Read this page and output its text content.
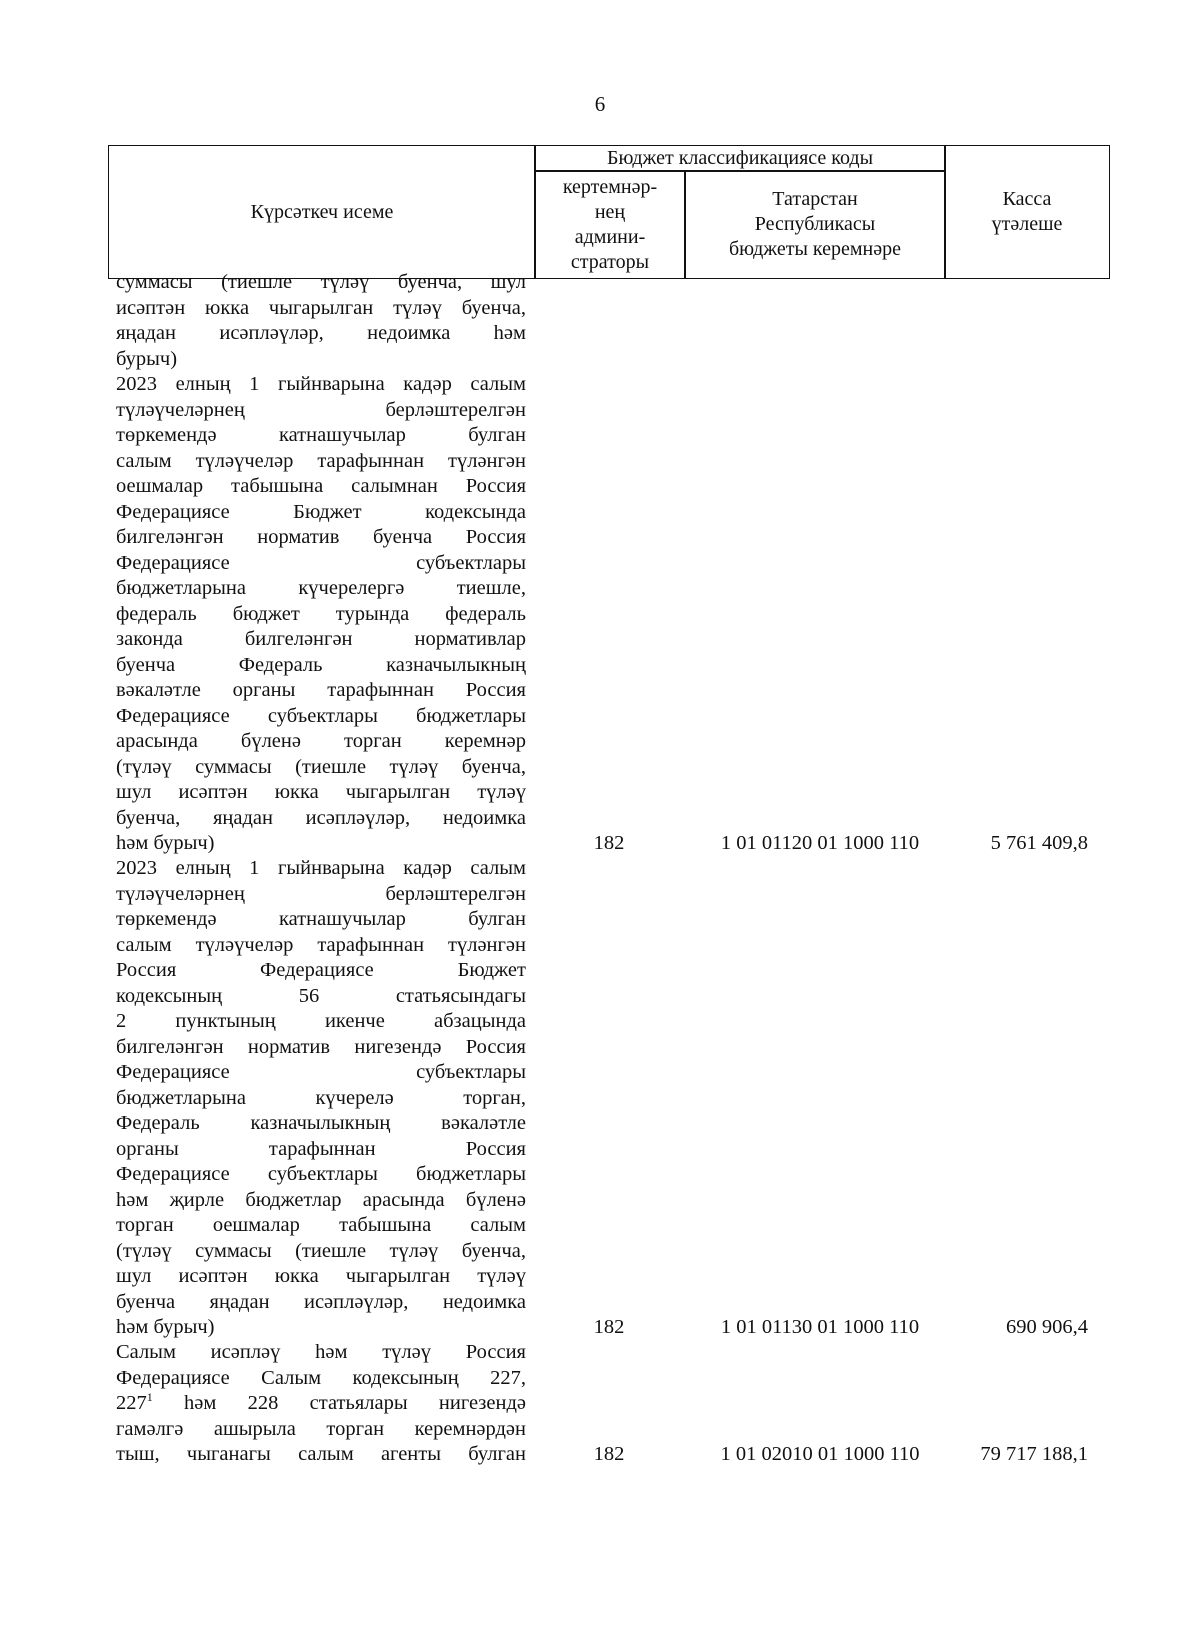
6
Күрсәткеч исеме
Бюджет классификациясе коды
кертемнәр-
нең
админи-
страторы
Татарстан
Республикасы
бюджеты керемнәре
Касса
үтәлеше
суммасы (тиешле түләү буенча, шул
исәптән юкка чыгарылган түләү буенча,
яңадан исәпләүләр, недоимка һәм
бурыч)
2023 елның 1 гыйнварына кадәр салым
түләүчеләрнең берләштерелгән
төркемендә катнашучылар булган
салым түләүчеләр тарафыннан түләнгән
оешмалар табышына салымнан Россия
Федерациясе Бюджет кодексында
билгеләнгән норматив буенча Россия
Федерациясе субъектлары
бюджетларына күчерелергә тиешле,
федераль бюджет турында федераль
законда билгеләнгән нормативлар
буенча Федераль казначылыкның
вәкаләтле органы тарафыннан Россия
Федерациясе субъектлары бюджетлары
арасында бүленә торган керемнәр
(түләү суммасы (тиешле түләү буенча,
шул исәптән юкка чыгарылган түләү
буенча, яңадан исәпләүләр, недоимка
һәм бурыч)	182	1 01 01120 01 1000 110	5 761 409,8
2023 елның 1 гыйнварына кадәр салым
түләүчеләрнең берләштерелгән
төркемендә катнашучылар булган
салым түләүчеләр тарафыннан түләнгән
Россия Федерациясе Бюджет
кодексының 56 статьясындагы
2 пунктының икенче абзацында
билгеләнгән норматив нигезендә Россия
Федерациясе субъектлары
бюджетларына күчерелә торган,
Федераль казначылыкның вәкаләтле
органы тарафыннан Россия
Федерациясе субъектлары бюджетлары
һәм җирле бюджетлар арасында бүленә
торган оешмалар табышына салым
(түләү суммасы (тиешле түләү буенча,
шул исәптән юкка чыгарылган түләү
буенча яңадан исәпләүләр, недоимка
һәм бурыч)	182	1 01 01130 01 1000 110	690 906,4
Салым исәпләү һәм түләү Россия
Федерациясе Салым кодексының 227,
$227^1$ һәм 228 статьялары нигезендә
гамәлгә ашырыла торган керемнәрдән
тыш, чыганагы салым агенты булган	182	1 01 02010 01 1000 110	79 717 188,1
